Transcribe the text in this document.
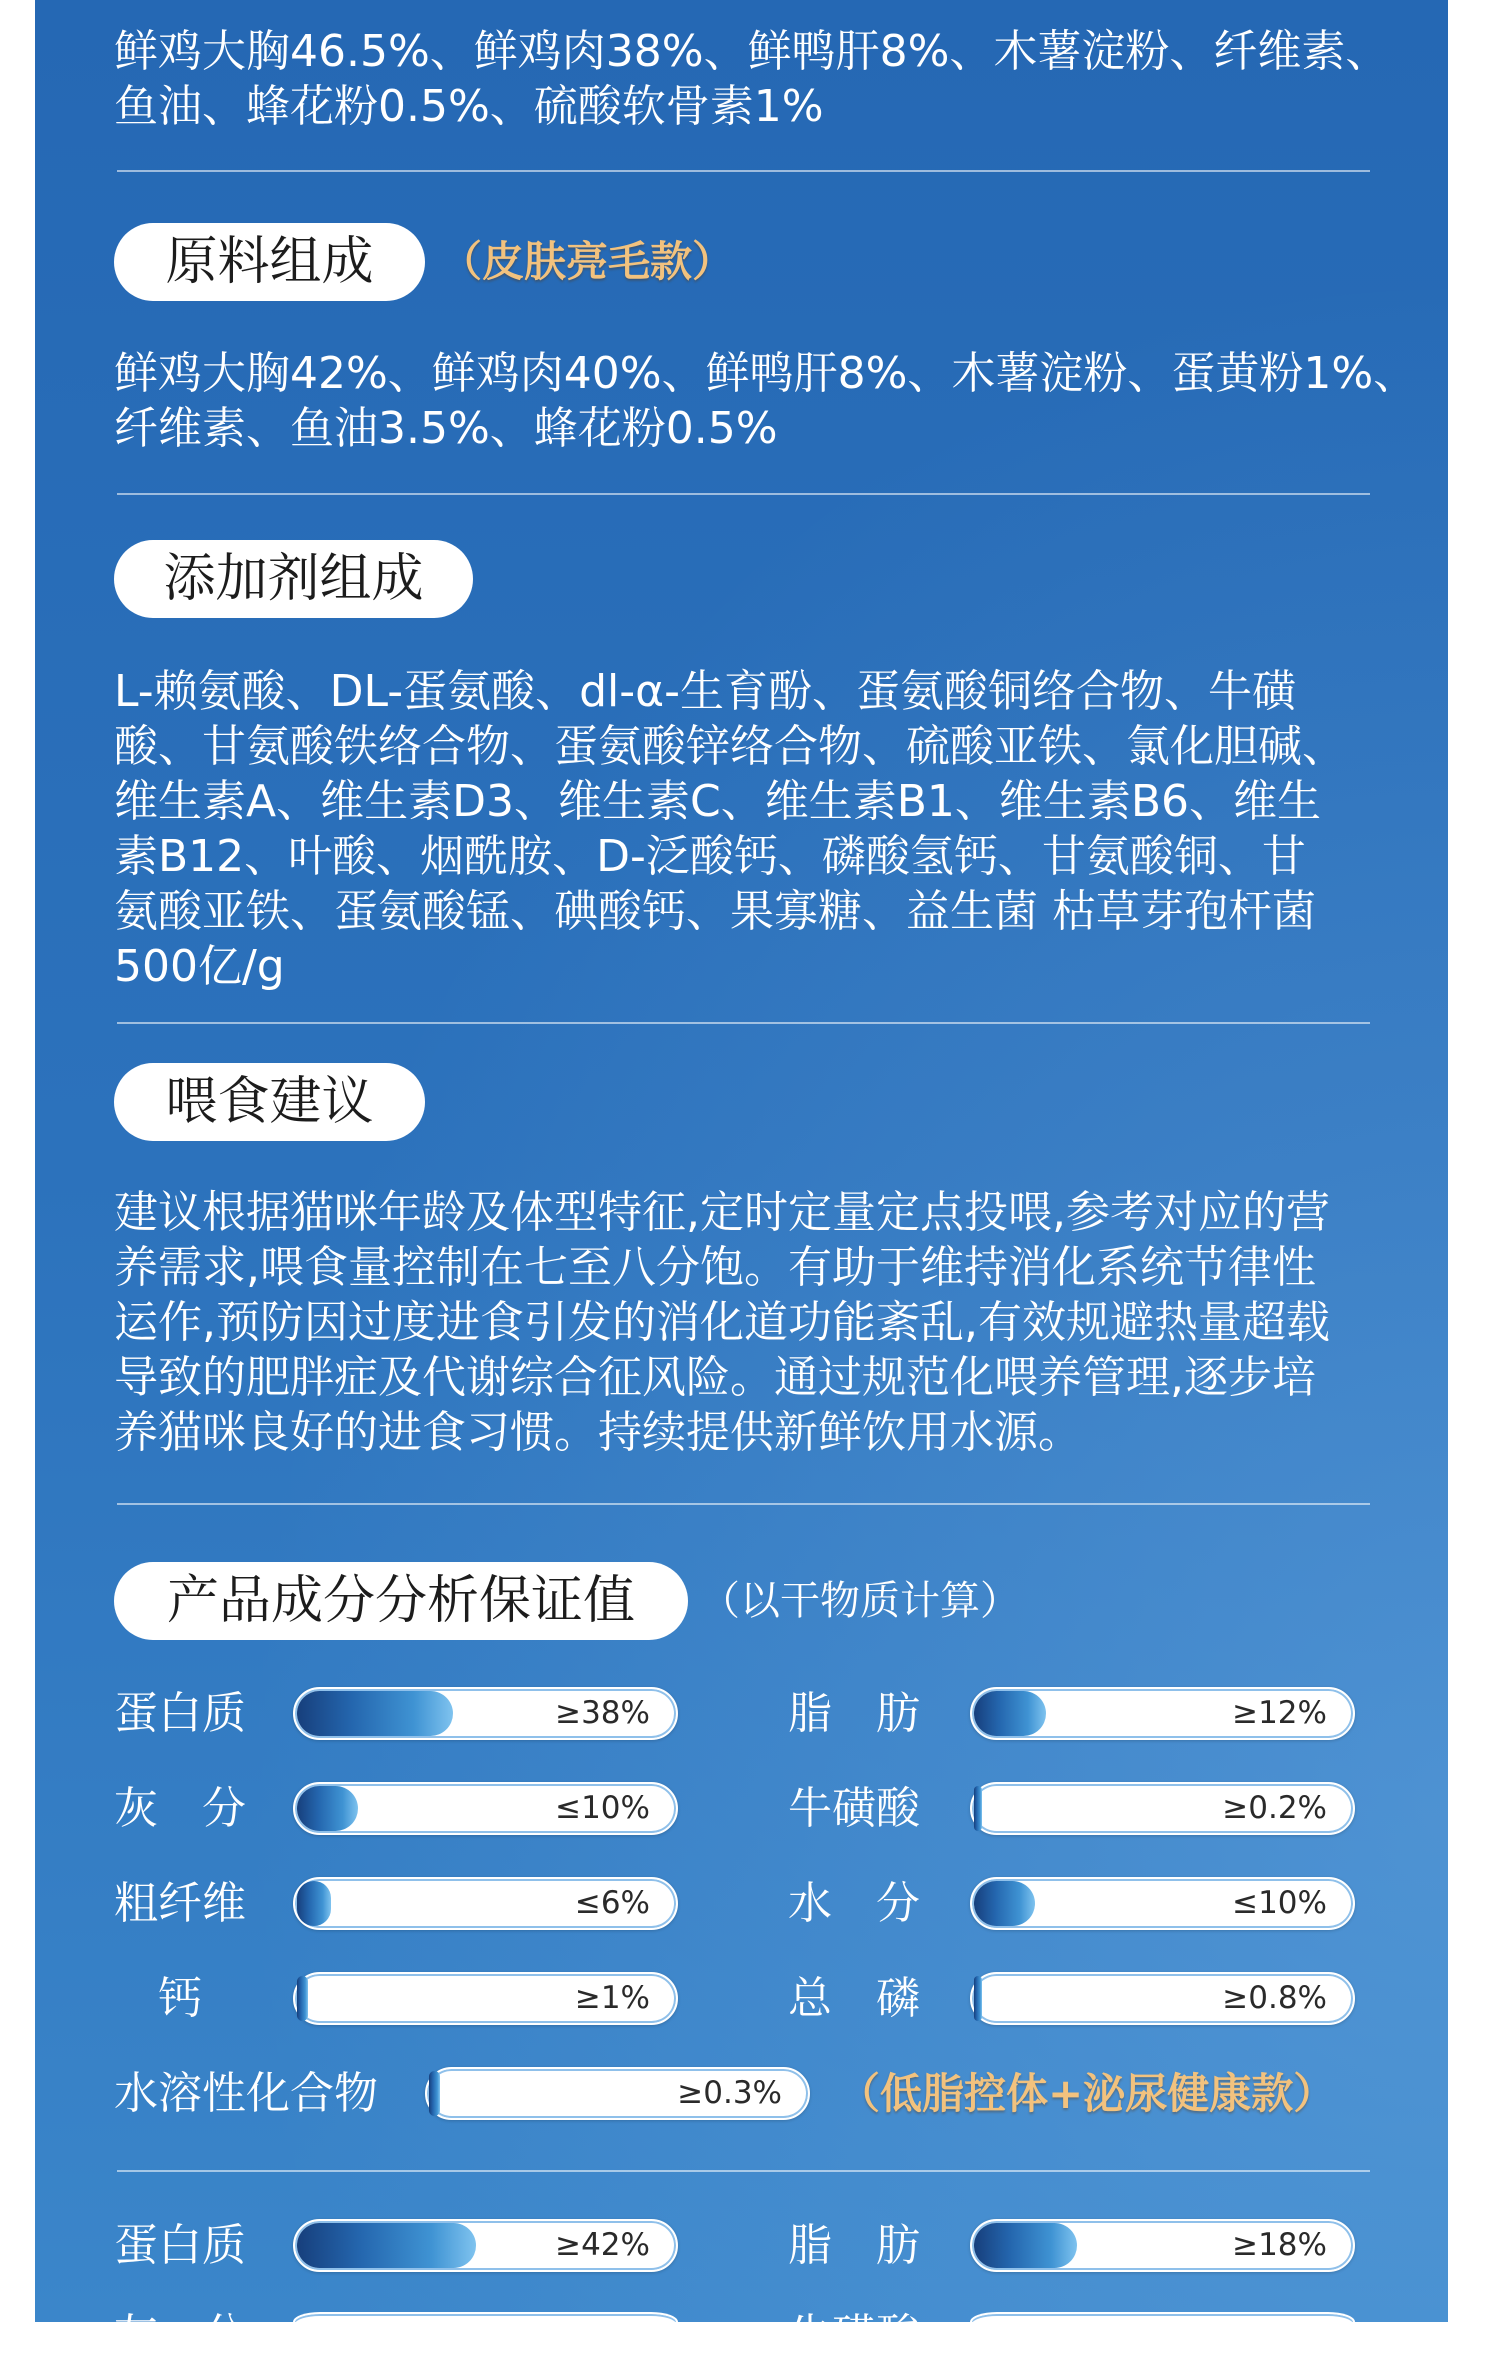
鲜鸡大胸46.5%、鲜鸡肉38%、鲜鸭肝8%、木薯淀粉、纤维素、
鱼油、蜂花粉0.5%、硫酸软骨素1%
原料组成	（皮肤亮毛款）
鲜鸡大胸42%、鲜鸡肉40%、鲜鸭肝8%、木薯淀粉、蛋黄粉1%、
纤维素、鱼油3.5%、蜂花粉0.5%
添加剂组成
L-赖氨酸、DL-蛋氨酸、dl-α-生育酚、蛋氨酸铜络合物、牛磺
酸、甘氨酸铁络合物、蛋氨酸锌络合物、硫酸亚铁、氯化胆碱、
维生素A、维生素D3、维生素C、维生素B1、维生素B6、维生
素B12、叶酸、烟酰胺、D-泛酸钙、磷酸氢钙、甘氨酸铜、甘
氨酸亚铁、蛋氨酸锰、碘酸钙、果寡糖、益生菌 枯草芽孢杆菌
500亿/g
喂食建议
建议根据猫咪年龄及体型特征,定时定量定点投喂,参考对应的营
养需求,喂食量控制在七至八分饱。有助于维持消化系统节律性
运作,预防因过度进食引发的消化道功能紊乱,有效规避热量超载
导致的肥胖症及代谢综合征风险。通过规范化喂养管理,逐步培
养猫咪良好的进食习惯。持续提供新鲜饮用水源。
产品成分分析保证值	（以干物质计算）
蛋白质	≥38%	脂　肪	≥12%
灰　分	≤10%	牛磺酸	≥0.2%
粗纤维	≤6%	水　分	≤10%
　钙	≥1%	总　磷	≥0.8%
水溶性化合物	≥0.3% （低脂控体+泌尿健康款）
蛋白质	≥42%	脂　肪	≥18%
灰　分	牛磺酸
